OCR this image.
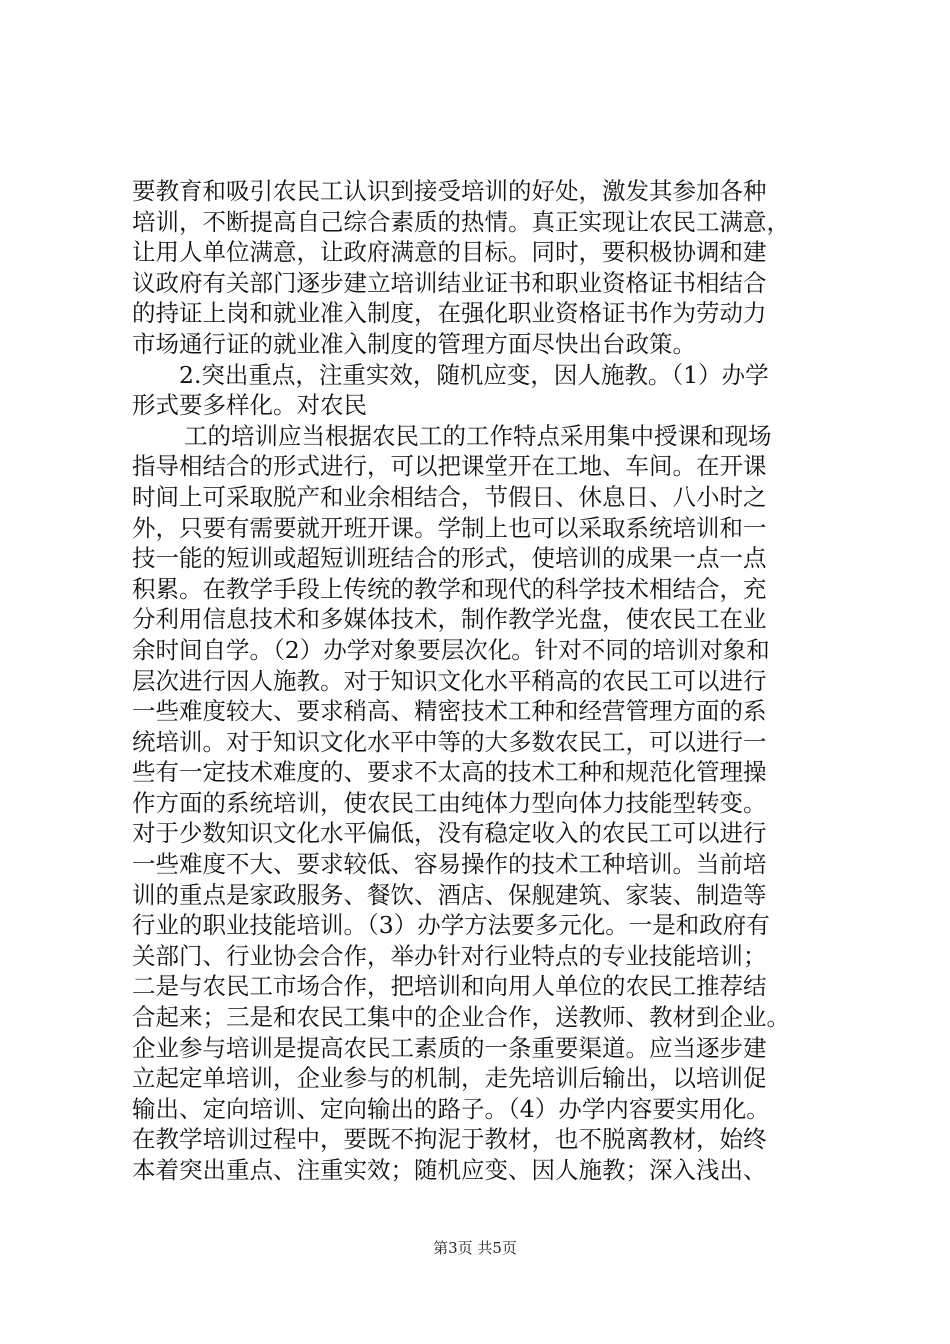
要教育和吸引农民工认识到接受培训的好处，激发其参加各种
培训，不断提高自己综合素质的热情。真正实现让农民工满意，
让用人单位满意，让政府满意的目标。同时，要积极协调和建
议政府有关部门逐步建立培训结业证书和职业资格证书相结合
的持证上岗和就业准入制度，在强化职业资格证书作为劳动力
市场通行证的就业准入制度的管理方面尽快出台政策。
2.突出重点，注重实效，随机应变，因人施教。（1）办学
形式要多样化。对农民
工的培训应当根据农民工的工作特点采用集中授课和现场
指导相结合的形式进行，可以把课堂开在工地、车间。在开课
时间上可采取脱产和业余相结合，节假日、休息日、八小时之
外，只要有需要就开班开课。学制上也可以采取系统培训和一
技一能的短训或超短训班结合的形式，使培训的成果一点一点
积累。在教学手段上传统的教学和现代的科学技术相结合，充
分利用信息技术和多媒体技术，制作教学光盘，使农民工在业
余时间自学。（2）办学对象要层次化。针对不同的培训对象和
层次进行因人施教。对于知识文化水平稍高的农民工可以进行
一些难度较大、要求稍高、精密技术工种和经营管理方面的系
统培训。对于知识文化水平中等的大多数农民工，可以进行一
些有一定技术难度的、要求不太高的技术工种和规范化管理操
作方面的系统培训，使农民工由纯体力型向体力技能型转变。
对于少数知识文化水平偏低，没有稳定收入的农民工可以进行
一些难度不大、要求较低、容易操作的技术工种培训。当前培
训的重点是家政服务、餐饮、酒店、保舰建筑、家装、制造等
行业的职业技能培训。（3）办学方法要多元化。一是和政府有
关部门、行业协会合作，举办针对行业特点的专业技能培训；
二是与农民工市场合作，把培训和向用人单位的农民工推荐结
合起来；三是和农民工集中的企业合作，送教师、教材到企业。
企业参与培训是提高农民工素质的一条重要渠道。应当逐步建
立起定单培训，企业参与的机制，走先培训后输出，以培训促
输出、定向培训、定向输出的路子。（4）办学内容要实用化。
在教学培训过程中，要既不拘泥于教材，也不脱离教材，始终
本着突出重点、注重实效；随机应变、因人施教；深入浅出、
第3页 共5页
